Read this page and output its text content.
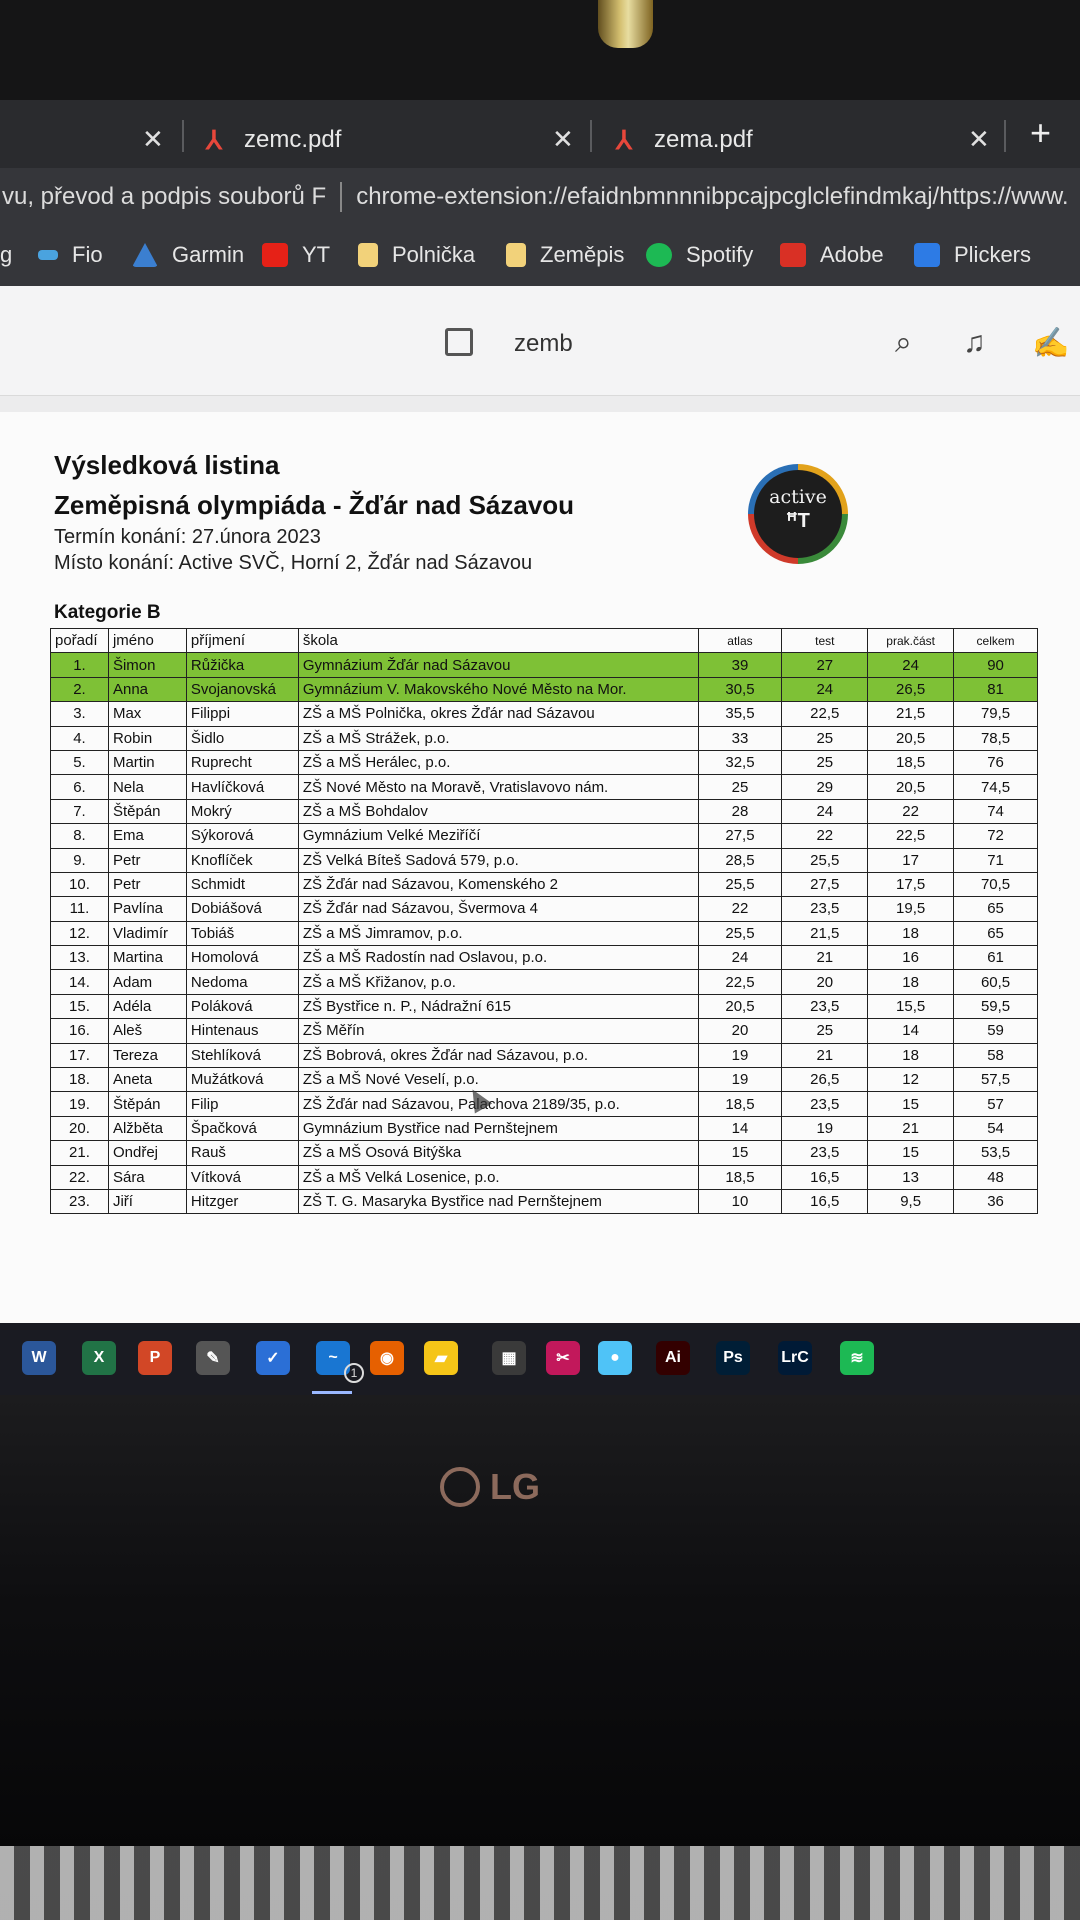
✕ ⅄ zemc.pdf	✕ ⅄ zema.pdf	✕ +
vu, převod a podpis souborů F chrome-extension://efaidnbmnnnibpcajpcglclefindmkaj/https://www.
g	Fio	Garmin	YT	Polnička	Zeměpis	Spotify	Adobe	Plickers
zemb	⌕ ♫ ✍
Výsledková listina
Zeměpisná olympiáda - Žďár nad Sázavou
Termín konání: 27.února 2023
Místo konání: Active SVČ, Horní 2, Žďár nad Sázavou
active
ꟸT
Kategorie B
pořadí	jméno	příjmení	škola	atlas	test	prak.část	celkem
1.	Šimon	Růžička	Gymnázium Žďár nad Sázavou	39	27	24	90
2.	Anna	Svojanovská	Gymnázium V. Makovského Nové Město na Mor.	30,5	24	26,5	81
3.	Max	Filippi	ZŠ a MŠ Polnička, okres Žďár nad Sázavou	35,5	22,5	21,5	79,5
4.	Robin	Šidlo	ZŠ a MŠ Strážek, p.o.	33	25	20,5	78,5
5.	Martin	Ruprecht	ZŠ a MŠ Herálec, p.o.	32,5	25	18,5	76
6.	Nela	Havlíčková	ZŠ Nové Město na Moravě, Vratislavovo nám.	25	29	20,5	74,5
7.	Štěpán	Mokrý	ZŠ a MŠ Bohdalov	28	24	22	74
8.	Ema	Sýkorová	Gymnázium Velké Meziříčí	27,5	22	22,5	72
9.	Petr	Knoflíček	ZŠ Velká Bíteš Sadová 579, p.o.	28,5	25,5	17	71
10.	Petr	Schmidt	ZŠ Žďár nad Sázavou, Komenského 2	25,5	27,5	17,5	70,5
11.	Pavlína	Dobiášová	ZŠ Žďár nad Sázavou, Švermova 4	22	23,5	19,5	65
12.	Vladimír	Tobiáš	ZŠ a MŠ Jimramov, p.o.	25,5	21,5	18	65
13.	Martina	Homolová	ZŠ a MŠ Radostín nad Oslavou, p.o.	24	21	16	61
14.	Adam	Nedoma	ZŠ a MŠ Křižanov, p.o.	22,5	20	18	60,5
15.	Adéla	Poláková	ZŠ Bystřice n. P., Nádražní 615	20,5	23,5	15,5	59,5
16.	Aleš	Hintenaus	ZŠ Měřín	20	25	14	59
17.	Tereza	Stehlíková	ZŠ Bobrová, okres Žďár nad Sázavou, p.o.	19	21	18	58
18.	Aneta	Mužátková	ZŠ a MŠ Nové Veselí, p.o.	19	26,5	12	57,5
19.	Štěpán	Filip	ZŠ Žďár nad Sázavou, Palachova 2189/35, p.o.	18,5	23,5	15	57
20.	Alžběta	Špačková	Gymnázium Bystřice nad Pernštejnem	14	19	21	54
21.	Ondřej	Rauš	ZŠ a MŠ Osová Bitýška	15	23,5	15	53,5
22.	Sára	Vítková	ZŠ a MŠ Velká Losenice, p.o.	18,5	16,5	13	48
23.	Jiří	Hitzger	ZŠ T. G. Masaryka Bystřice nad Pernštejnem	10	16,5	9,5	36
W	X	P	✎	✓	~	◉	▰	▦	✂	●	Ai	Ps	LrC	≋
1
LG
